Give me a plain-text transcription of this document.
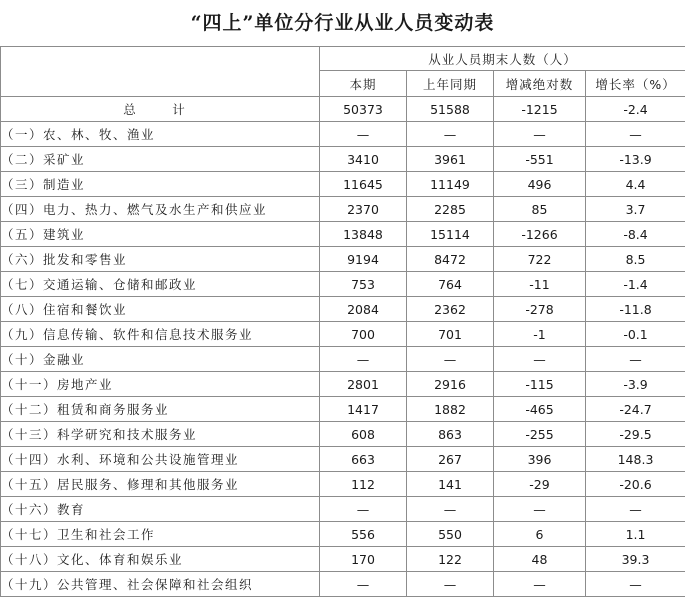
“四上”单位分行业从业人员变动表
	从业人员期末人数（人）			
	本期	上年同期	增减绝对数	增长率（%）
总　计	50373	51588	-1215	-2.4
（一）农、林、牧、渔业	—	—	—	—
（二）采矿业	3410	3961	-551	-13.9
（三）制造业	11645	11149	496	4.4
（四）电力、热力、燃气及水生产和供应业	2370	2285	85	3.7
（五）建筑业	13848	15114	-1266	-8.4
（六）批发和零售业	9194	8472	722	8.5
（七）交通运输、仓储和邮政业	753	764	-11	-1.4
（八）住宿和餐饮业	2084	2362	-278	-11.8
（九）信息传输、软件和信息技术服务业	700	701	-1	-0.1
（十）金融业	—	—	—	—
（十一）房地产业	2801	2916	-115	-3.9
（十二）租赁和商务服务业	1417	1882	-465	-24.7
（十三）科学研究和技术服务业	608	863	-255	-29.5
（十四）水利、环境和公共设施管理业	663	267	396	148.3
（十五）居民服务、修理和其他服务业	112	141	-29	-20.6
（十六）教育	—	—	—	—
（十七）卫生和社会工作	556	550	6	1.1
（十八）文化、体育和娱乐业	170	122	48	39.3
（十九）公共管理、社会保障和社会组织	—	—	—	—
